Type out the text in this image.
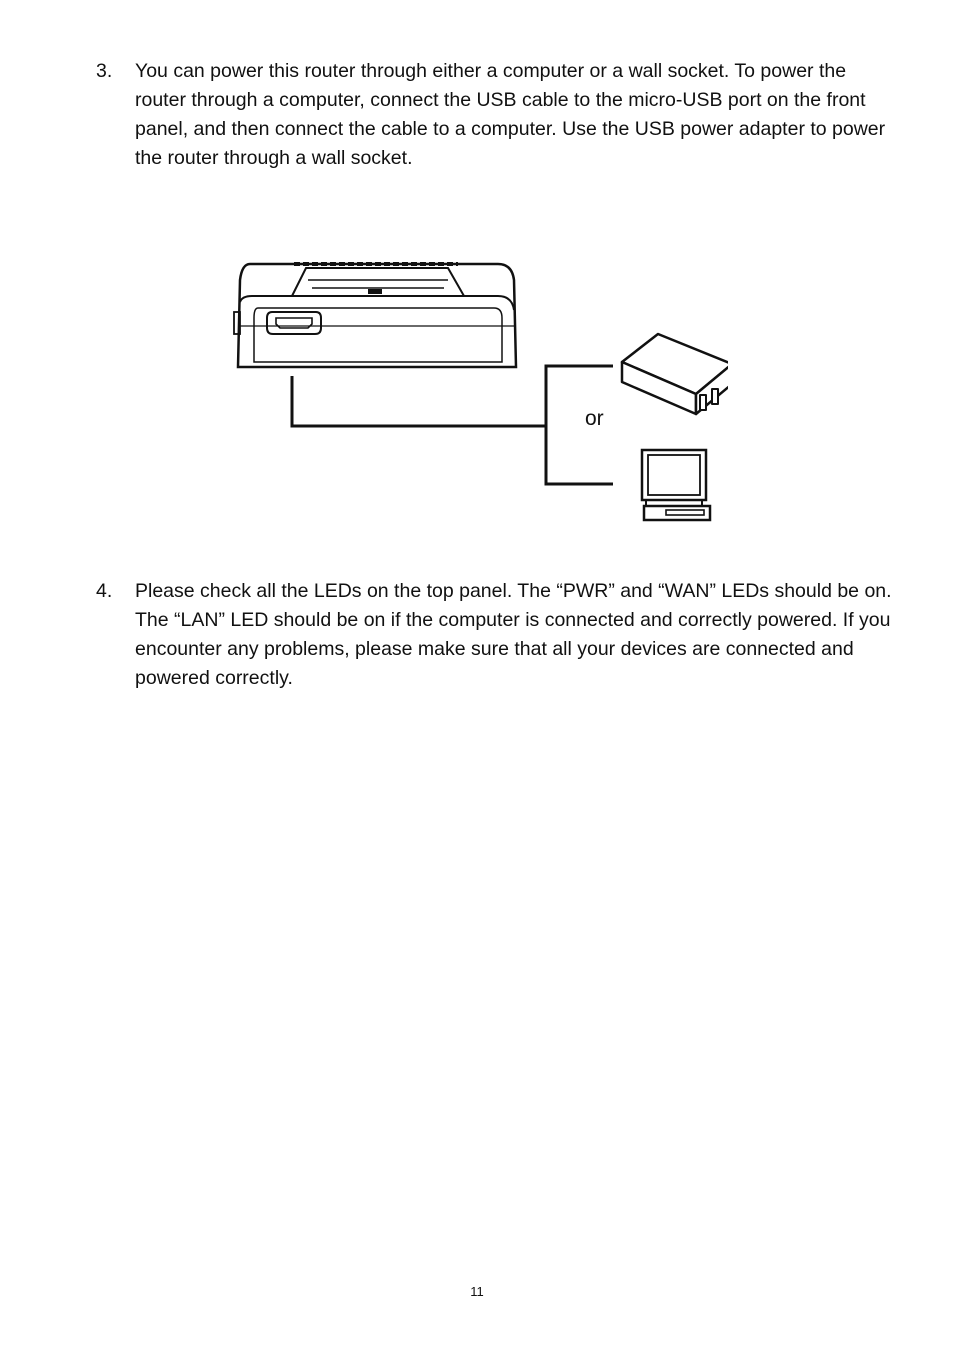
3.	You can power this router through either a computer or a wall socket. To power the router through a computer, connect the USB cable to the micro-USB port on the front panel, and then connect the cable to a computer. Use the USB power adapter to power the router through a wall socket.
or
4.	Please check all the LEDs on the top panel. The “PWR” and “WAN” LEDs should be on. The “LAN” LED should be on if the computer is connected and correctly powered. If you encounter any problems, please make sure that all your devices are connected and powered correctly.
11
